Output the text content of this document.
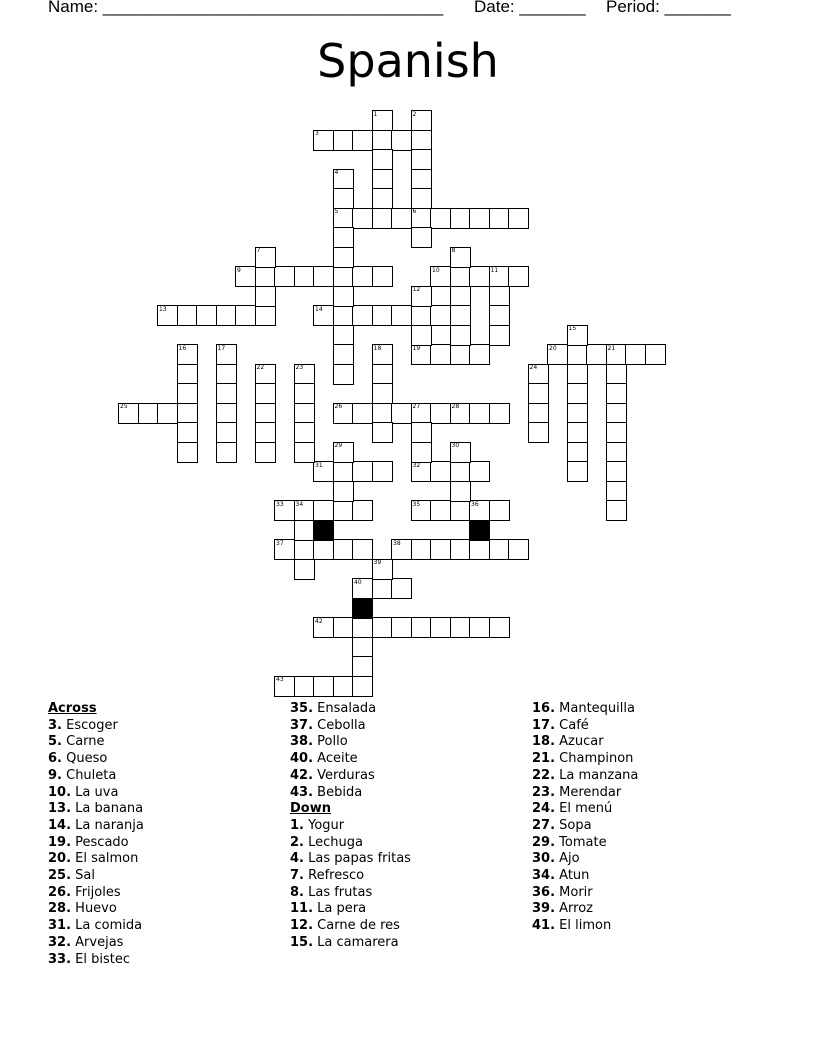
Name: ____________________________________ Date: _______ Period: _______
Spanish
1	2
3
4
5	6
7	8
9	10	11
12
13	14
15
16	17	18	19	20	21
22	23	24
25	26	27	28
29	30
31	32
33 34	35	36
37	38
39
40
41
42
43
Across
3. Escoger
5. Carne
6. Queso
9. Chuleta
10. La uva
13. La banana
14. La naranja
19. Pescado
20. El salmon
25. Sal
26. Frijoles
28. Huevo
31. La comida
32. Arvejas
33. El bistec
35. Ensalada
37. Cebolla
38. Pollo
40. Aceite
42. Verduras
43. Bebida
Down
1. Yogur
2. Lechuga
4. Las papas fritas
7. Refresco
8. Las frutas
11. La pera
12. Carne de res
15. La camarera
16. Mantequilla
17. Café
18. Azucar
21. Champinon
22. La manzana
23. Merendar
24. El menú
27. Sopa
29. Tomate
30. Ajo
34. Atun
36. Morir
39. Arroz
41. El limon
